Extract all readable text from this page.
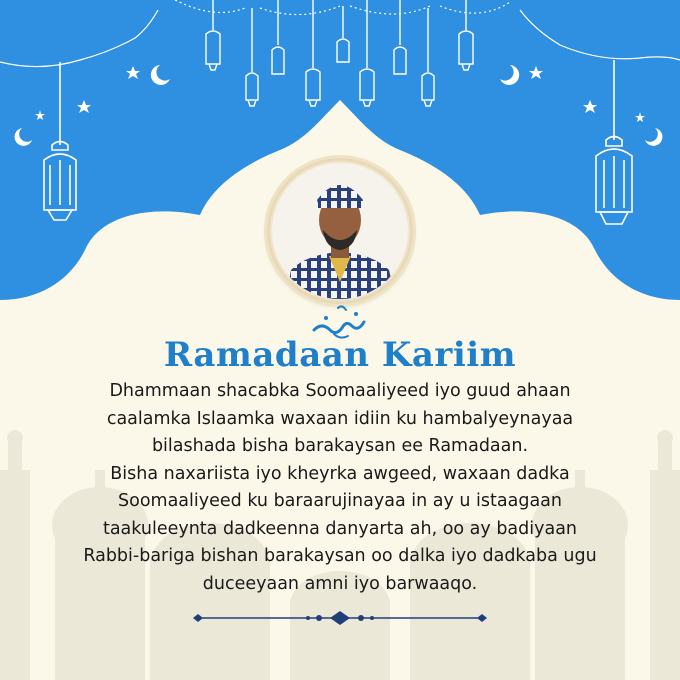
Ramadaan Kariim

Dhammaan shacabka Soomaaliyeed iyo guud ahaan
caalamka Islaamka waxaan idiin ku hambalyeynayaa
bilashada bisha barakaysan ee Ramadaan.
Bisha naxariista iyo kheyrka awgeed, waxaan dadka
Soomaaliyeed ku baraarujinayaa in ay u istaagaan
taakuleeynta dadkeenna danyarta ah, oo ay badiyaan
Rabbi-bariga bishan barakaysan oo dalka iyo dadkaba ugu
duceeyaan amni iyo barwaaqo.
